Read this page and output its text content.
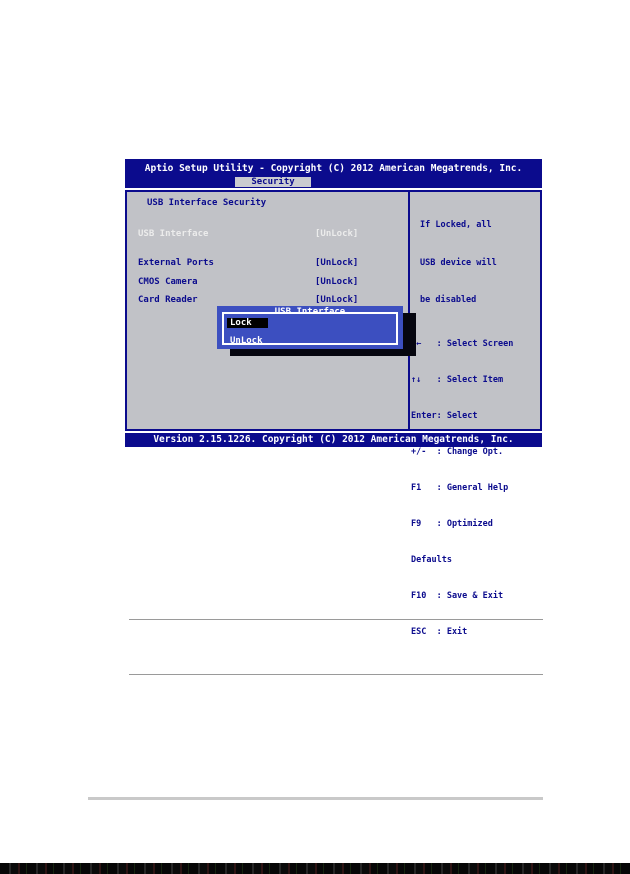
Aptio Setup Utility - Copyright (C) 2012 American Megatrends, Inc.
Security
USB Interface Security
USB Interface	[UnLock]
External Ports	[UnLock]
CMOS Camera	[UnLock]
Card Reader	[UnLock]

If Locked, all

USB device will

be disabled

→←   : Select Screen

↑↓   : Select Item

Enter: Select

+/-  : Change Opt.

F1   : General Help

F9   : Optimized

Defaults

F10  : Save & Exit

ESC  : Exit

USB Interface
Lock
UnLock
Version 2.15.1226. Copyright (C) 2012 American Megatrends, Inc.
